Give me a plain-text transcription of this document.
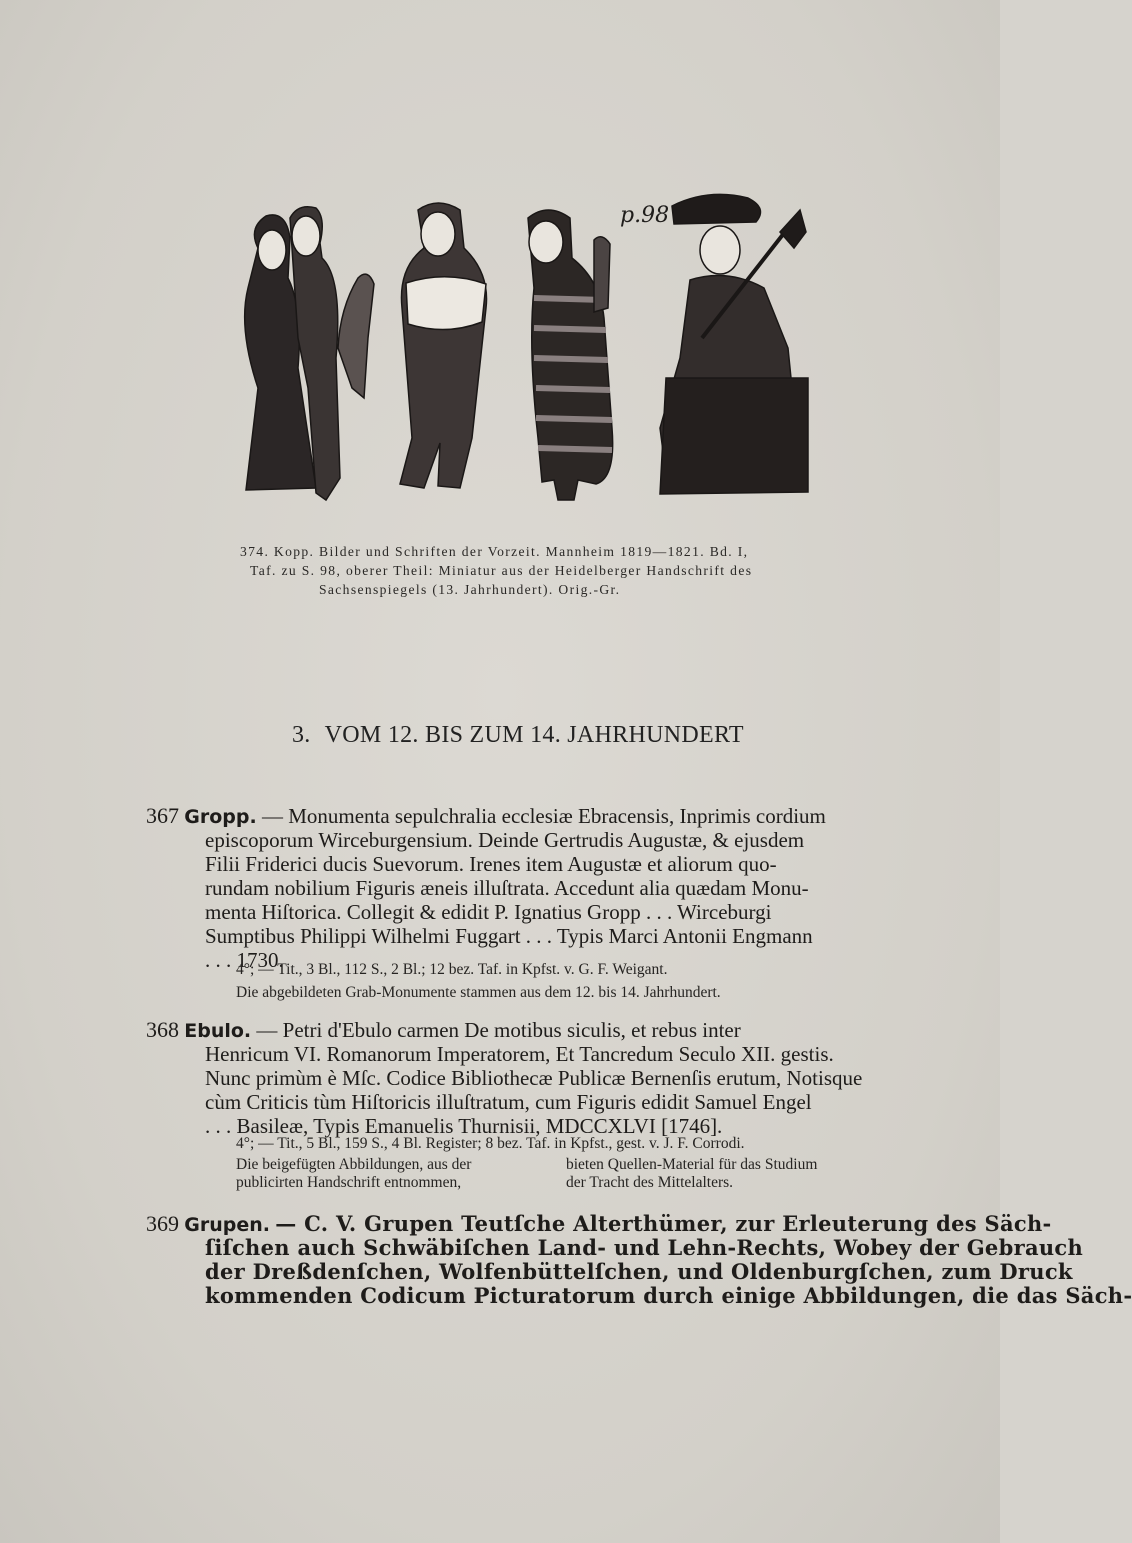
p.98
374. Kopp. Bilder und Schriften der Vorzeit. Mannheim 1819—1821. Bd. I,
Taf. zu S. 98, oberer Theil: Miniatur aus der Heidelberger Handschrift des
Sachsenspiegels (13. Jahrhundert). Orig.-Gr.
3. VOM 12. BIS ZUM 14. JAHRHUNDERT
367 Gropp. — Monumenta sepulchralia ecclesiæ Ebracensis, Inprimis cordium
episcoporum Wirceburgensium. Deinde Gertrudis Augustæ, & ejusdem
Filii Friderici ducis Suevorum. Irenes item Augustæ et aliorum quo-
rundam nobilium Figuris æneis illuſtrata. Accedunt alia quædam Monu-
menta Hiſtorica. Collegit & edidit P. Ignatius Gropp . . . Wirceburgi
Sumptibus Philippi Wilhelmi Fuggart . . . Typis Marci Antonii Engmann
. . . 1730.
4°; — Tit., 3 Bl., 112 S., 2 Bl.; 12 bez. Taf. in Kpfst. v. G. F. Weigant.
Die abgebildeten Grab-Monumente stammen aus dem 12. bis 14. Jahrhundert.
368 Ebulo. — Petri d'Ebulo carmen De motibus siculis, et rebus inter
Henricum VI. Romanorum Imperatorem, Et Tancredum Seculo XII. gestis.
Nunc primùm è Mſc. Codice Bibliothecæ Publicæ Bernenſis erutum, Notisque
cùm Criticis tùm Hiſtoricis illuſtratum, cum Figuris edidit Samuel Engel
. . . Basileæ, Typis Emanuelis Thurnisii, MDCCXLVI [1746].
4°; — Tit., 5 Bl., 159 S., 4 Bl. Register; 8 bez. Taf. in Kpfst., gest. v. J. F. Corrodi.
Die beigefügten Abbildungen, aus der	bieten Quellen-Material für das Studium
publicirten Handschrift entnommen,	der Tracht des Mittelalters.
369 Grupen. — C. V. Grupen Teutſche Alterthümer, zur Erleuterung des Säch-
ſiſchen auch Schwäbiſchen Land- und Lehn-Rechts, Wobey der Gebrauch
der Dreßdenſchen, Wolfenbüttelſchen, und Oldenburgſchen, zum Druck
kommenden Codicum Picturatorum durch einige Abbildungen, die das Säch-
